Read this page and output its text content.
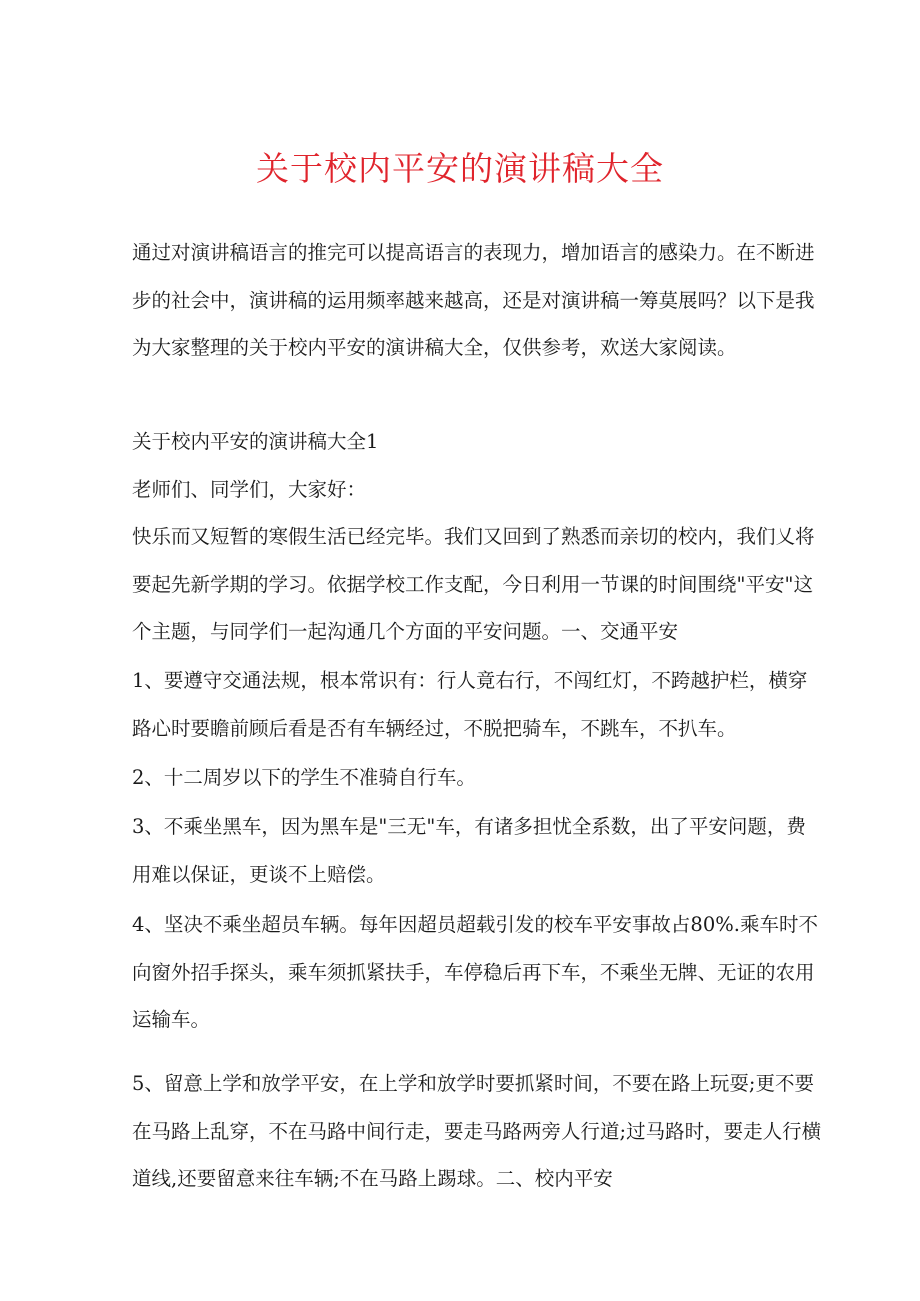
关于校内平安的演讲稿大全
通过对演讲稿语言的推完可以提高语言的表现力，增加语言的感染力。在不断进
步的社会中，演讲稿的运用频率越来越高，还是对演讲稿一筹莫展吗？以下是我
为大家整理的关于校内平安的演讲稿大全，仅供参考，欢送大家阅读。
关于校内平安的演讲稿大全1
老师们、同学们，大家好：
快乐而又短暂的寒假生活已经完毕。我们又回到了熟悉而亲切的校内，我们乂将
要起先新学期的学习。依据学校工作支配，今日利用一节课的时间围绕"平安"这
个主题，与同学们一起沟通几个方面的平安问题。一、交通平安
1、要遵守交通法规，根本常识有：行人竟右行，不闯红灯，不跨越护栏，横穿
路心时要瞻前顾后看是否有车辆经过，不脱把骑车，不跳车，不扒车。
2、十二周岁以下的学生不准骑自行车。
3、不乘坐黑车，因为黑车是"三无"车，有诸多担忧全系数，出了平安问题，费
用难以保证，更谈不上赔偿。
4、坚决不乘坐超员车辆。每年因超员超载引发的校车平安事故占80%.乘车时不
向窗外招手探头，乘车须抓紧扶手，车停稳后再下车，不乘坐无牌、无证的农用
运输车。
5、留意上学和放学平安，在上学和放学时要抓紧时间，不要在路上玩耍;更不要
在马路上乱穿，不在马路中间行走，要走马路两旁人行道;过马路时，要走人行横
道线,还要留意来往车辆;不在马路上踢球。二、校内平安
